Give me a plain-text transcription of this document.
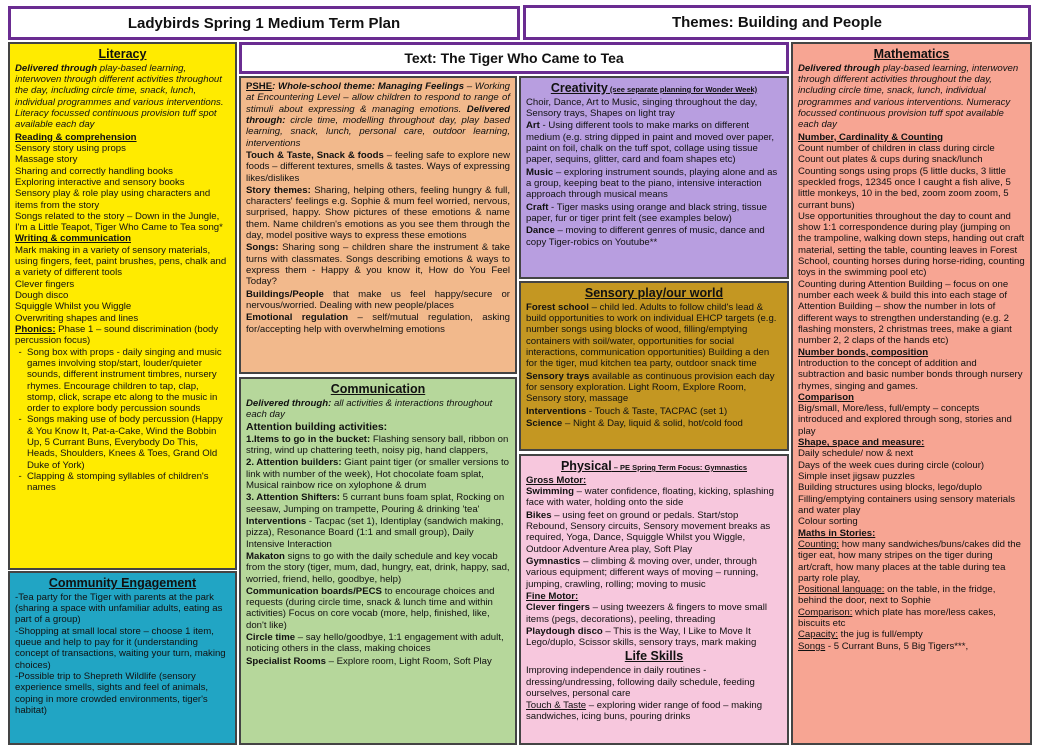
Ladybirds Spring 1 Medium Term Plan	Themes: Building and People
Text: The Tiger Who Came to Tea
Literacy

Delivered through play-based learning, interwoven through different activities throughout the day, including circle time, snack, lunch, individual programmes and various interventions. Literacy focussed continuous provision tuff spot available each day

Reading & comprehension
Sensory story using props
Massage story
Sharing and correctly handling books
Exploring interactive and sensory books
Sensory play & role play using characters and items from the story
Songs related to the story – Down in the Jungle, I'm a Little Teapot, Tiger Who Came to Tea song*
Writing & communication
Mark making in a variety of sensory materials, using fingers, feet, paint brushes, pens, chalk and a variety of different tools
Clever fingers
Dough disco
Squiggle Whilst you Wiggle
Overwriting shapes and lines
Phonics: Phase 1 – sound discrimination (body percussion focus)
- Song box with props - daily singing and music games involving stop/start, louder/quieter sounds, different instrument timbres, nursery rhymes. Encourage children to tap, clap, stomp, click, scrape etc along to the music in order to explore body percussion sounds
- Songs making use of body percussion (Happy & You Know It, Pat-a-Cake, Wind the Bobbin Up, 5 Currant Buns, Everybody Do This, Heads, Shoulders, Knees & Toes, Grand Old Duke of York)
- Clapping & stomping syllables of children's names
Community Engagement
-Tea party for the Tiger with parents at the park (sharing a space with unfamiliar adults, eating as part of a group)
-Shopping at small local store – choose 1 item, queue and help to pay for it (understanding concept of transactions, waiting your turn, making choices)
-Possible trip to Shepreth Wildlife (sensory experience smells, sights and feel of animals, coping in more crowded environments, tiger's habitat)

PSHE: Whole-school theme: Managing Feelings – Working at Encountering Level – allow children to respond to range of stimuli about expressing & managing emotions. Delivered through: circle time, modelling throughout day, play based learning, snack, lunch, personal care, outdoor learning, interventions

Touch & Taste, Snack & foods – feeling safe to explore new foods – different textures, smells & tastes. Ways of expressing likes/dislikes

Story themes: Sharing, helping others, feeling hungry & full, characters' feelings e.g. Sophie & mum feel worried, nervous, surprised, happy. Show pictures of these emotions & name them. Name children's emotions as you see them through the day, model positive ways to express these emotions

Songs: Sharing song – children share the instrument & take turns with classmates. Songs describing emotions & ways to express them - Happy & you know it, How do You Feel Today?

Buildings/People that make us feel happy/secure or nervous/worried. Dealing with new people/places

Emotional regulation – self/mutual regulation, asking for/accepting help with overwhelming emotions

Communication

Delivered through: all activities & interactions throughout each day

Attention building activities:

1.Items to go in the bucket: Flashing sensory ball, ribbon on string, wind up chattering teeth, noisy pig, hand clappers,

2. Attention builders: Giant paint tiger (or smaller versions to link with number of the week), Hot chocolate foam splat, Musical rainbow rice on xylophone & drum

3. Attention Shifters: 5 currant buns foam splat, Rocking on seesaw, Jumping on trampette, Pouring & drinking 'tea'

Interventions - Tacpac (set 1), Identiplay (sandwich making, pizza), Resonance Board (1:1 and small group), Daily Intensive Interaction

Makaton signs to go with the daily schedule and key vocab from the story (tiger, mum, dad, hungry, eat, drink, happy, sad, worried, friend, hello, goodbye, help)

Communication boards/PECS to encourage choices and requests (during circle time, snack & lunch time and within activities) Focus on core vocab (more, help, finished, like, don't like)

Circle time – say hello/goodbye, 1:1 engagement with adult, noticing others in the class, making choices

Specialist Rooms – Explore room, Light Room, Soft Play

Creativity (see separate planning for Wonder Week)

Choir, Dance, Art to Music, singing throughout the day, Sensory trays, Shapes on light tray

Art - Using different tools to make marks on different medium (e.g. string dipped in paint and moved over paper, paint on foil, chalk on the tuff spot, collage using tissue paper, sequins, glitter, card and foam shapes etc)

Music – exploring instrument sounds, playing alone and as a group, keeping beat to the piano, intensive interaction approach through musical means

Craft - Tiger masks using orange and black string, tissue paper, fur or tiger print felt (see examples below)

Dance – moving to different genres of music, dance and copy Tiger-robics on Youtube**

Sensory play/our world

Forest school – child led. Adults to follow child's lead & build opportunities to work on individual EHCP targets (e.g. number songs using blocks of wood, filling/emptying containers with soil/water, opportunities for social interactions, communication opportunities) Building a den for the tiger, mud kitchen tea party, outdoor snack time

Sensory trays available as continuous provision each day for sensory exploration. Light Room, Explore Room, Sensory story, massage

Interventions - Touch & Taste, TACPAC (set 1)

Science – Night & Day, liquid & solid, hot/cold food

Physical – PE Spring Term Focus: Gymnastics
Gross Motor:

Swimming – water confidence, floating, kicking, splashing face with water, holding onto the side

Bikes – using feet on ground or pedals. Start/stop Rebound, Sensory circuits, Sensory movement breaks as required, Yoga, Dance, Squiggle Whilst you Wiggle, Outdoor Adventure Area play, Soft Play

Gymnastics – climbing & moving over, under, through various equipment; different ways of moving – running, jumping, crawling, rolling; moving to music

Fine Motor:

Clever fingers – using tweezers & fingers to move small items (pegs, decorations), peeling, threading

Playdough disco – This is the Way, I Like to Move It Lego/duplo, Scissor skills, sensory trays, mark making

Life Skills

Improving independence in daily routines - dressing/undressing, following daily schedule, feeding ourselves, personal care

Touch & Taste – exploring wider range of food – making sandwiches, icing buns, pouring drinks

Mathematics

Delivered through play-based learning, interwoven through different activities throughout the day, including circle time, snack, lunch, individual programmes and various interventions. Numeracy focussed continuous provision tuff spot available each day

Number, Cardinality & Counting
Count number of children in class during circle
Count out plates & cups during snack/lunch
Counting songs using props (5 little ducks, 3 little speckled frogs, 12345 once I caught a fish alive, 5 little monkeys, 10 in the bed, zoom zoom zoom, 5 currant buns)
Use opportunities throughout the day to count and show 1:1 correspondence during play (jumping on the trampoline, walking down steps, handing out craft material, setting the table, counting leaves in Forest School, counting horses during horse-riding, counting toys in the swimming pool etc)
Counting during Attention Building – focus on one number each week & build this into each stage of Attention Building – show the number in lots of different ways to strengthen understanding (e.g. 2 flashing monsters, 2 christmas trees, make a giant number 2, 2 claps of the hands etc)
Number bonds, composition
Introduction to the concept of addition and subtraction and basic number bonds through nursery rhymes, singing and games.
Comparison
Big/small, More/less, full/empty – concepts introduced and explored through song, stories and play
Shape, space and measure:
Daily schedule/ now & next
Days of the week cues during circle (colour)
Simple inset jigsaw puzzles
Building structures using blocks, lego/duplo
Filling/emptying containers using sensory materials and water play
Colour sorting
Maths in Stories:
Counting: how many sandwiches/buns/cakes did the tiger eat, how many stripes on the tiger during art/craft, how many places at the table during tea party role play,
Positional language: on the table, in the fridge, behind the door, next to Sophie
Comparison: which plate has more/less cakes, biscuits etc
Capacity: the jug is full/empty
Songs - 5 Currant Buns, 5 Big Tigers***,
